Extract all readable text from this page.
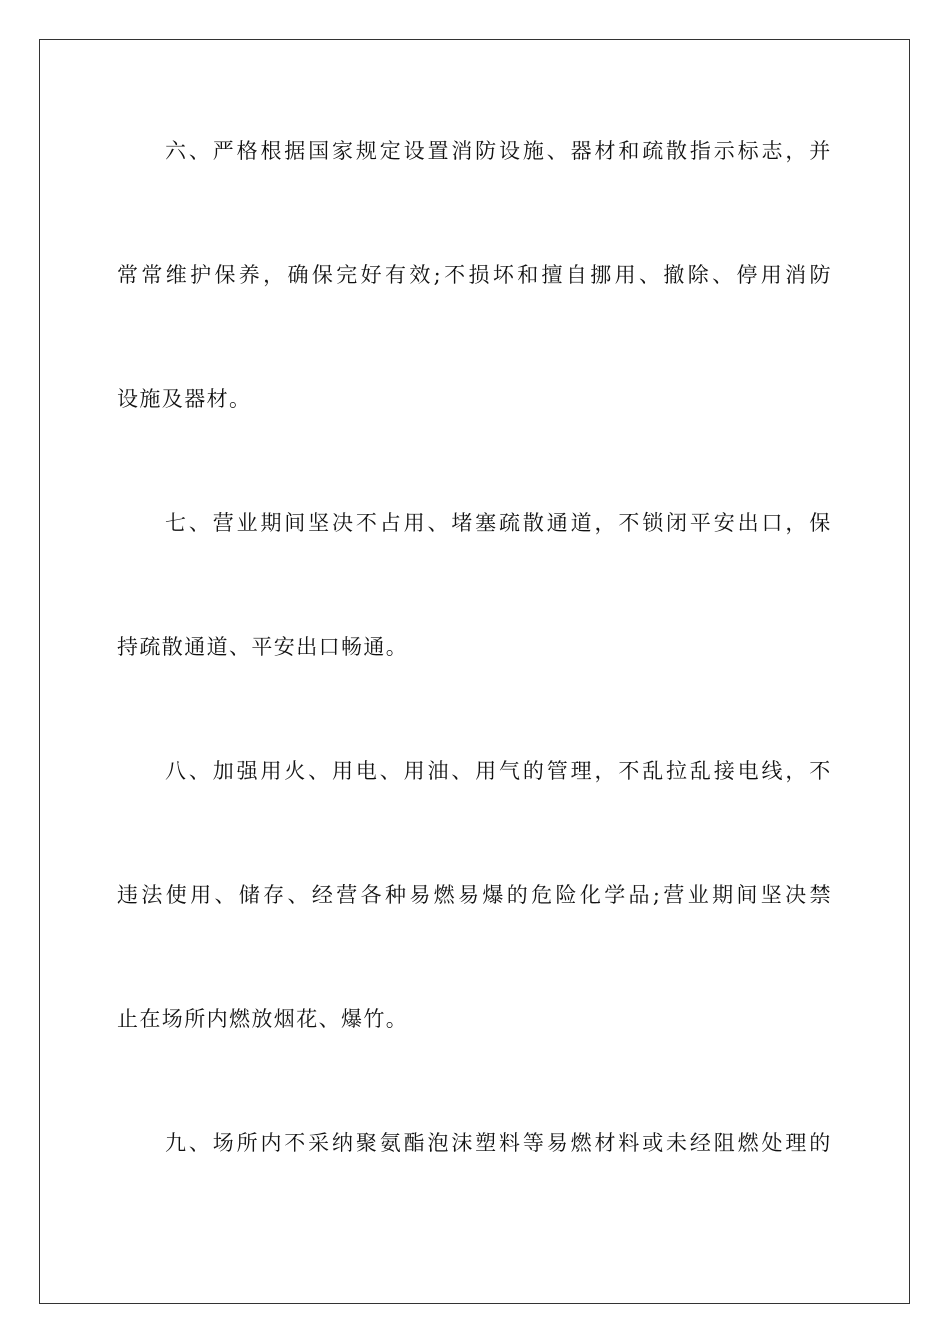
六 、 严 格 根 据 国 家 规 定 设 置 消 防 设 施 、 器 材 和 疏 散 指 示 标 志 ， 并
常 常 维 护 保 养 ， 确 保 完 好 有 效 ; 不 损 坏 和 擅 自 挪 用 、 撤 除 、 停 用 消 防
设施及器材。
七 、 营 业 期 间 坚 决 不 占 用 、 堵 塞 疏 散 通 道 ， 不 锁 闭 平 安 出 口 ， 保
持疏散通道、平安出口畅通。
八 、 加 强 用 火 、 用 电 、 用 油 、 用 气 的 管 理 ， 不 乱 拉 乱 接 电 线 ， 不
违 法 使 用 、 储 存 、 经 营 各 种 易 燃 易 爆 的 危 险 化 学 品 ; 营 业 期 间 坚 决 禁
止在场所内燃放烟花、爆竹。
九 、 场 所 内 不 采 纳 聚 氨 酯 泡 沫 塑 料 等 易 燃 材 料 或 未 经 阻 燃 处 理 的
